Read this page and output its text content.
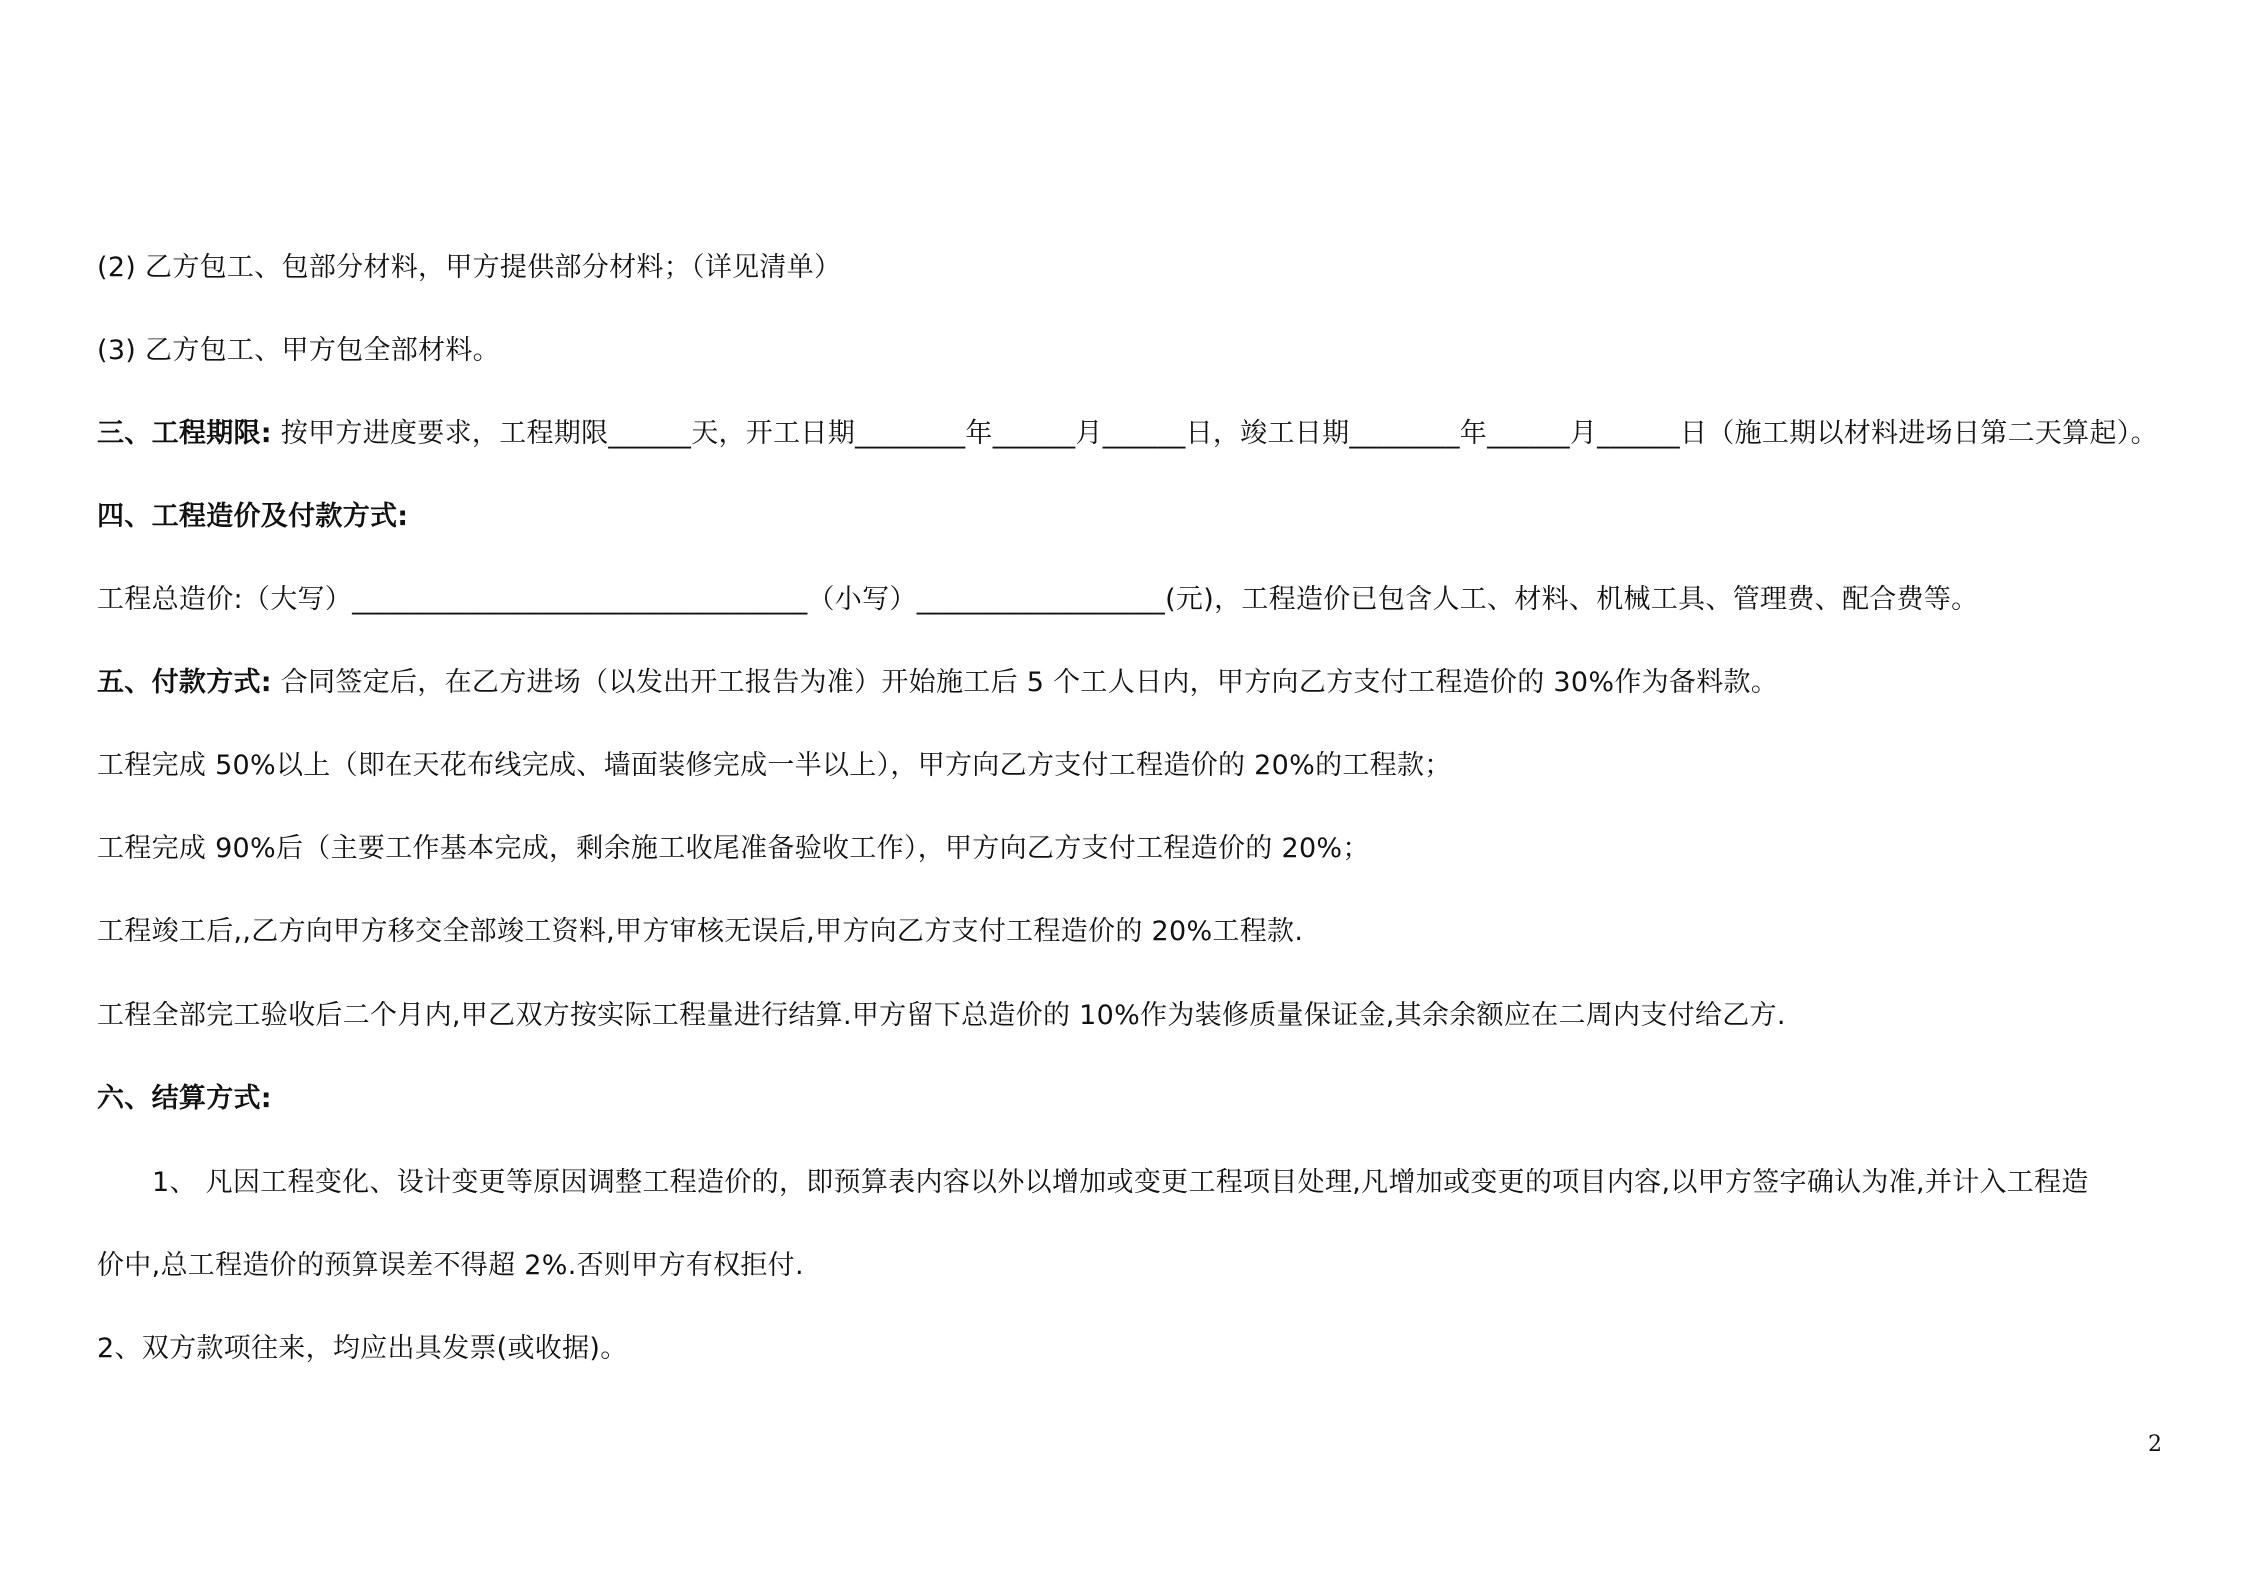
(2) 乙方包工、包部分材料，甲方提供部分材料；（详见清单）
(3) 乙方包工、甲方包全部材料。
三、工程期限: 按甲方进度要求，工程期限______天，开工日期________年______月______日，竣工日期________年______月______日（施工期以材料进场日第二天算起）。
四、工程造价及付款方式:
工程总造价:（大写）_________________________________（小写）__________________(元)，工程造价已包含人工、材料、机械工具、管理费、配合费等。
五、付款方式: 合同签定后，在乙方进场（以发出开工报告为准）开始施工后 5 个工人日内，甲方向乙方支付工程造价的 30%作为备料款。
工程完成 50%以上（即在天花布线完成、墙面装修完成一半以上），甲方向乙方支付工程造价的 20%的工程款；
工程完成 90%后（主要工作基本完成，剩余施工收尾准备验收工作），甲方向乙方支付工程造价的 20%；
工程竣工后,,乙方向甲方移交全部竣工资料,甲方审核无误后,甲方向乙方支付工程造价的 20%工程款.
工程全部完工验收后二个月内,甲乙双方按实际工程量进行结算.甲方留下总造价的 10%作为装修质量保证金,其余余额应在二周内支付给乙方.
六、结算方式:
1、 凡因工程变化、设计变更等原因调整工程造价的，即预算表内容以外以增加或变更工程项目处理,凡增加或变更的项目内容,以甲方签字确认为准,并计入工程造
价中,总工程造价的预算误差不得超 2%.否则甲方有权拒付.
2、双方款项往来，均应出具发票(或收据)。
2
